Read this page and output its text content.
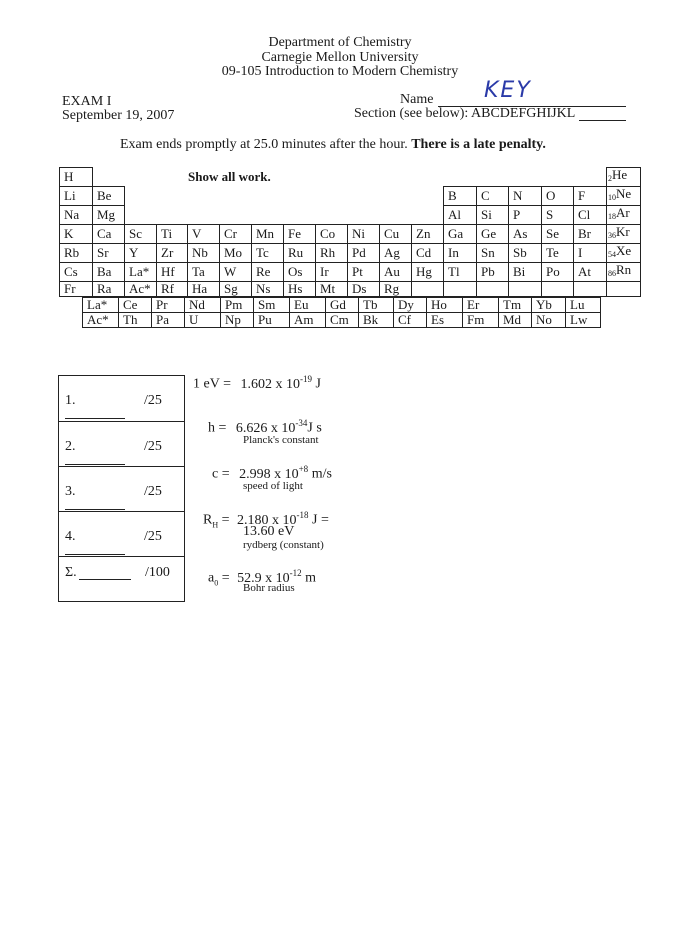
Department of Chemistry
Carnegie Mellon University
09-105 Introduction to Modern Chemistry
EXAM I
September 19, 2007
Name KEY
Section (see below): ABCDEFGHIJKL
Exam ends promptly at 25.0 minutes after the hour. There is a late penalty.
H																	$_2$He
Li	Be											B	C	N	O	F	$_{10}$Ne
Na	Mg											Al	Si	P	S	Cl	$_{18}$Ar
K	Ca	Sc	Ti	V	Cr	Mn	Fe	Co	Ni	Cu	Zn	Ga	Ge	As	Se	Br	$_{36}$Kr
Rb	Sr	Y	Zr	Nb	Mo	Tc	Ru	Rh	Pd	Ag	Cd	In	Sn	Sb	Te	I	$_{54}$Xe
Cs	Ba	La*	Hf	Ta	W	Re	Os	Ir	Pt	Au	Hg	Tl	Pb	Bi	Po	At	$_{86}$Rn
Fr	Ra	Ac*	Rf	Ha	Sg	Ns	Hs	Mt	Ds	Rg							
Show all work.
La*	Ce	Pr	Nd	Pm	Sm	Eu	Gd	Tb	Dy	Ho	Er	Tm	Yb	Lu
Ac*	Th	Pa	U	Np	Pu	Am	Cm	Bk	Cf	Es	Fm	Md	No	Lw
1.	/25
2.	/25
3.	/25
4.	/25
Σ.	/100
1 eV = 1.602 x $10^{-19}$ J
h = 6.626 x $10^{-34}J$ s
Planck's constant
c = 2.998 x $10^{+8}$ m/s
speed of light
$R_H = 2.180$ x $10^{-18}$ J =
13.60 eV
rydberg (constant)
$a_0 = 52.9$ x $10^{-12}$ m
Bohr radius
